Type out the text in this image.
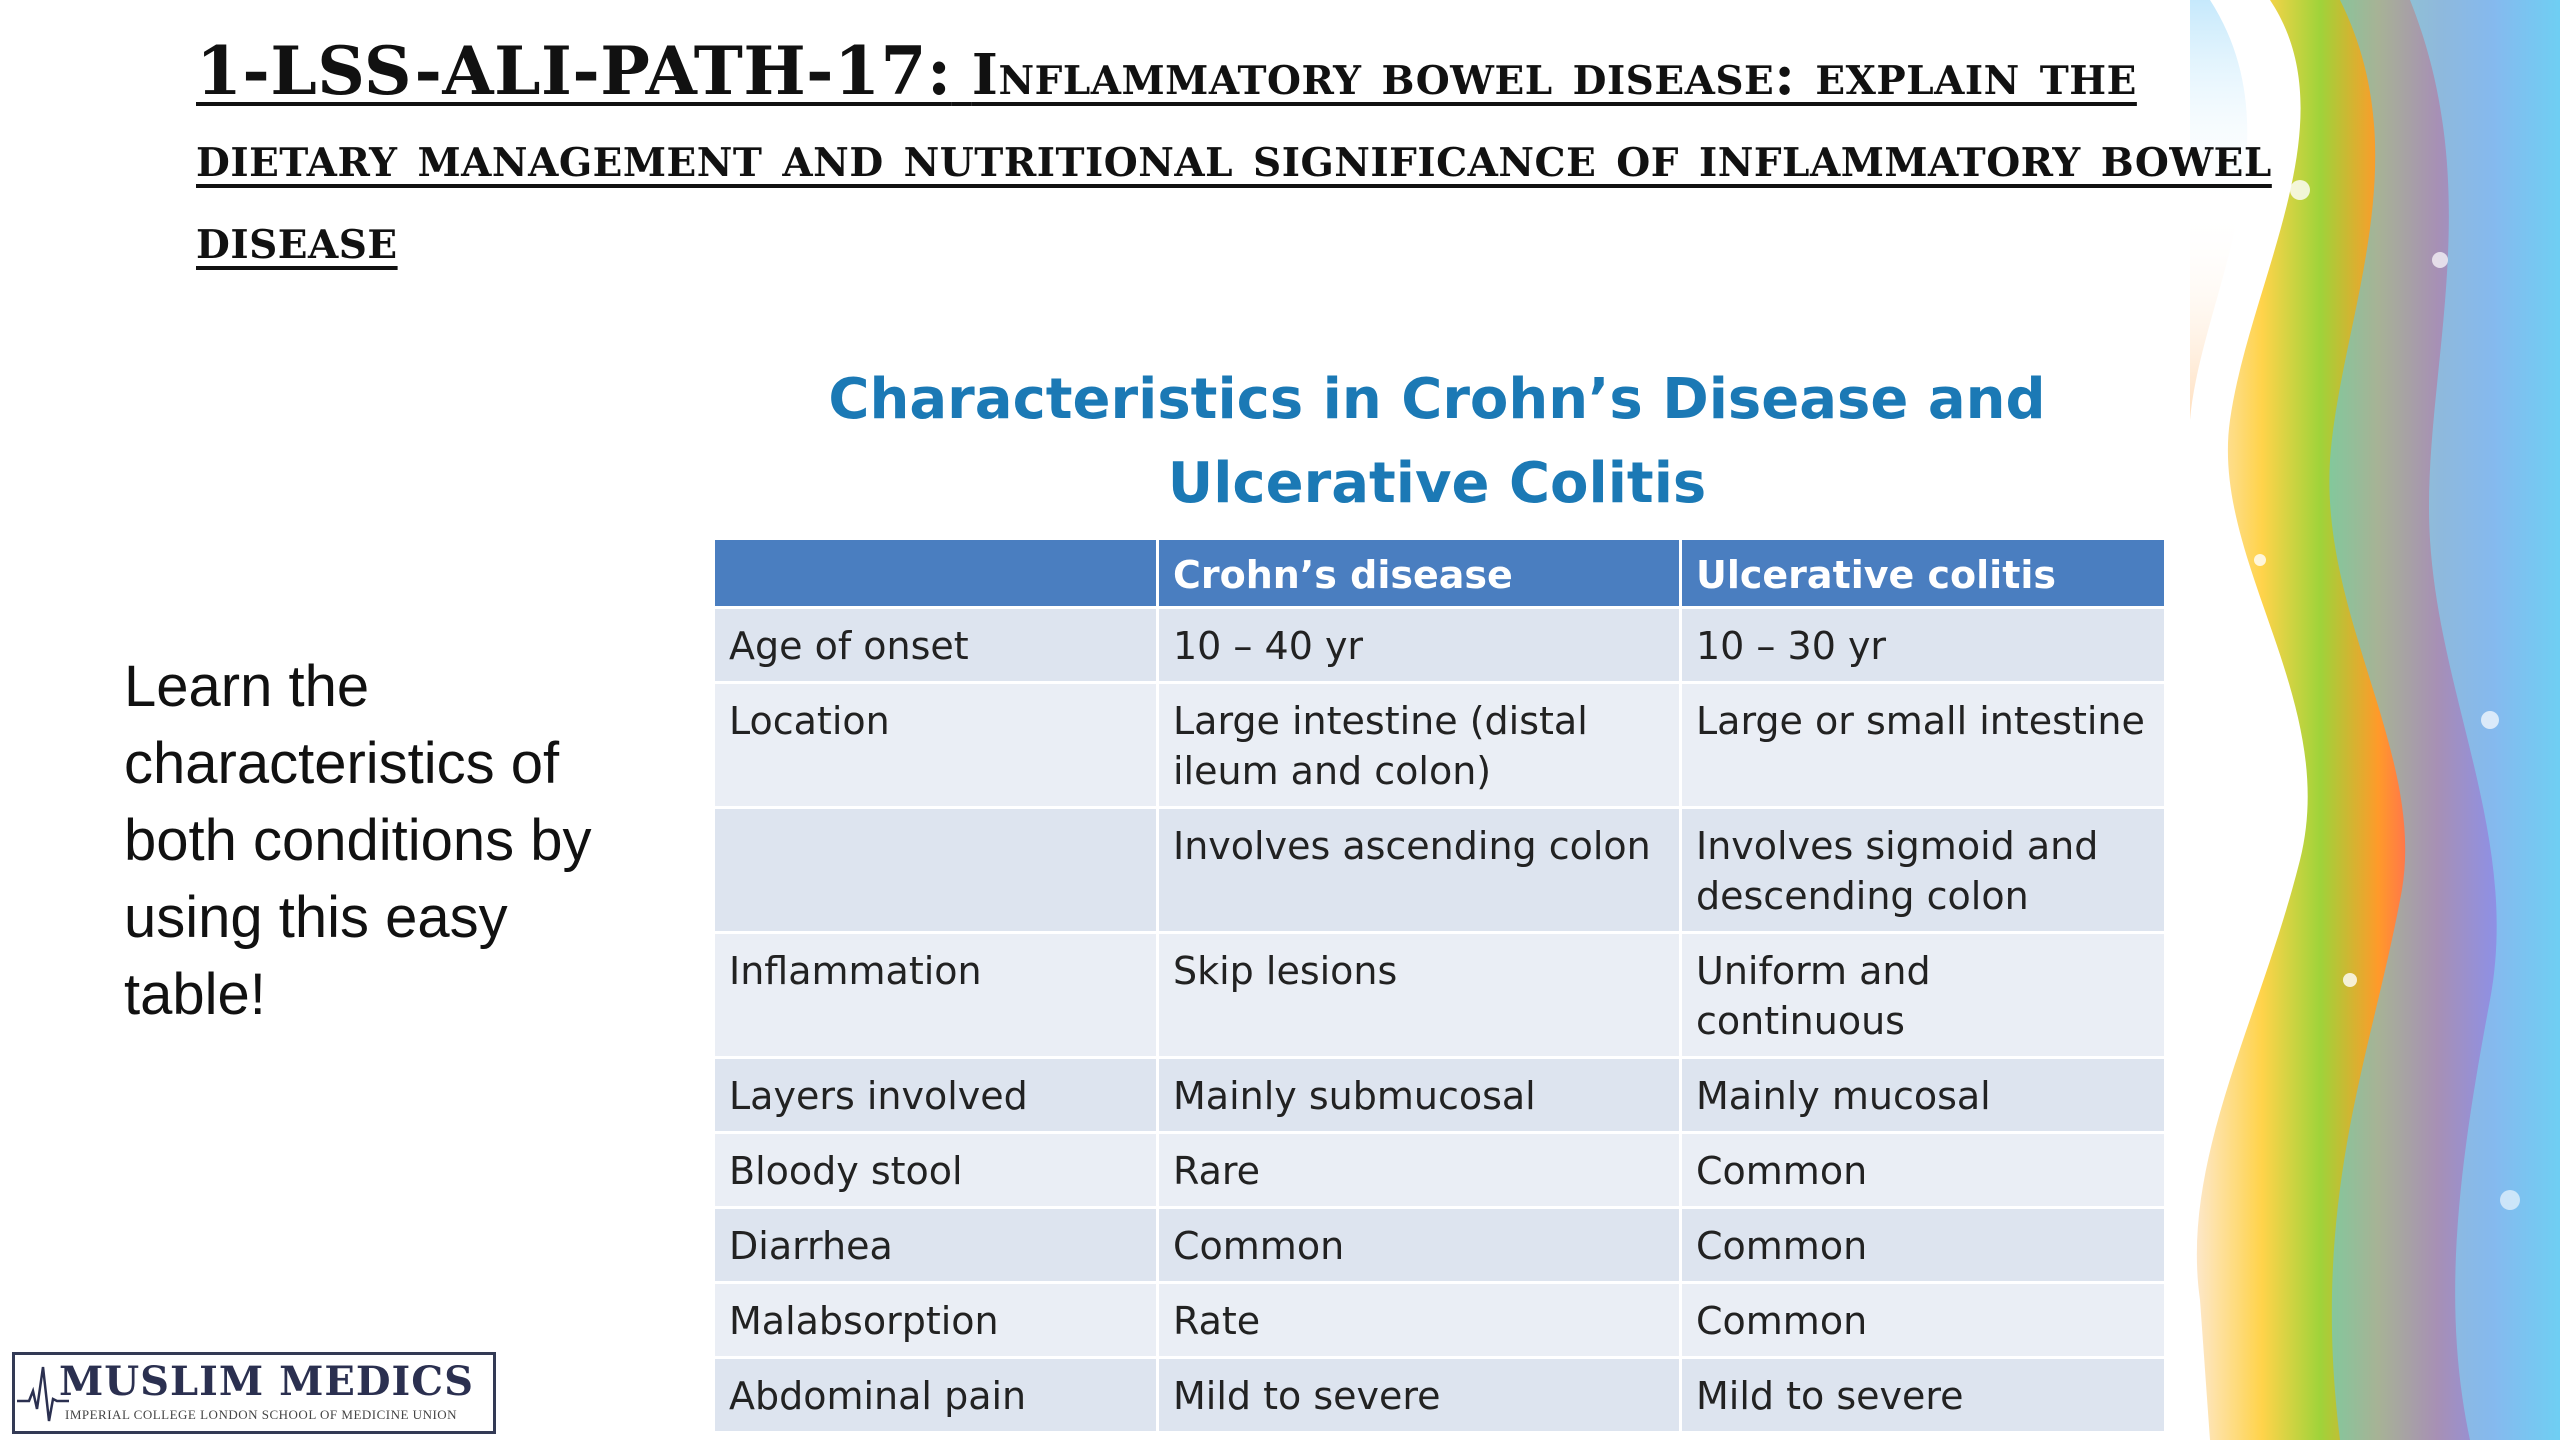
1-LSS-ALI-PATH-17: Inflammatory bowel disease: explain the dietary management and nutritional significance of inflammatory bowel disease
Learn the characteristics of both conditions by using this easy table!
Characteristics in Crohn’s Disease and
Ulcerative Colitis
	Crohn’s disease	Ulcerative colitis
Age of onset	10 – 40 yr	10 – 30 yr
Location	Large intestine (distal ileum and colon)	Large or small intestine
	Involves ascending colon	Involves sigmoid and descending colon
Inflammation	Skip lesions	Uniform and continuous
Layers involved	Mainly submucosal	Mainly mucosal
Bloody stool	Rare	Common
Diarrhea	Common	Common
Malabsorption	Rate	Common
Abdominal pain	Mild to severe	Mild to severe
MUSLIM MEDICS
IMPERIAL COLLEGE LONDON SCHOOL OF MEDICINE UNION
